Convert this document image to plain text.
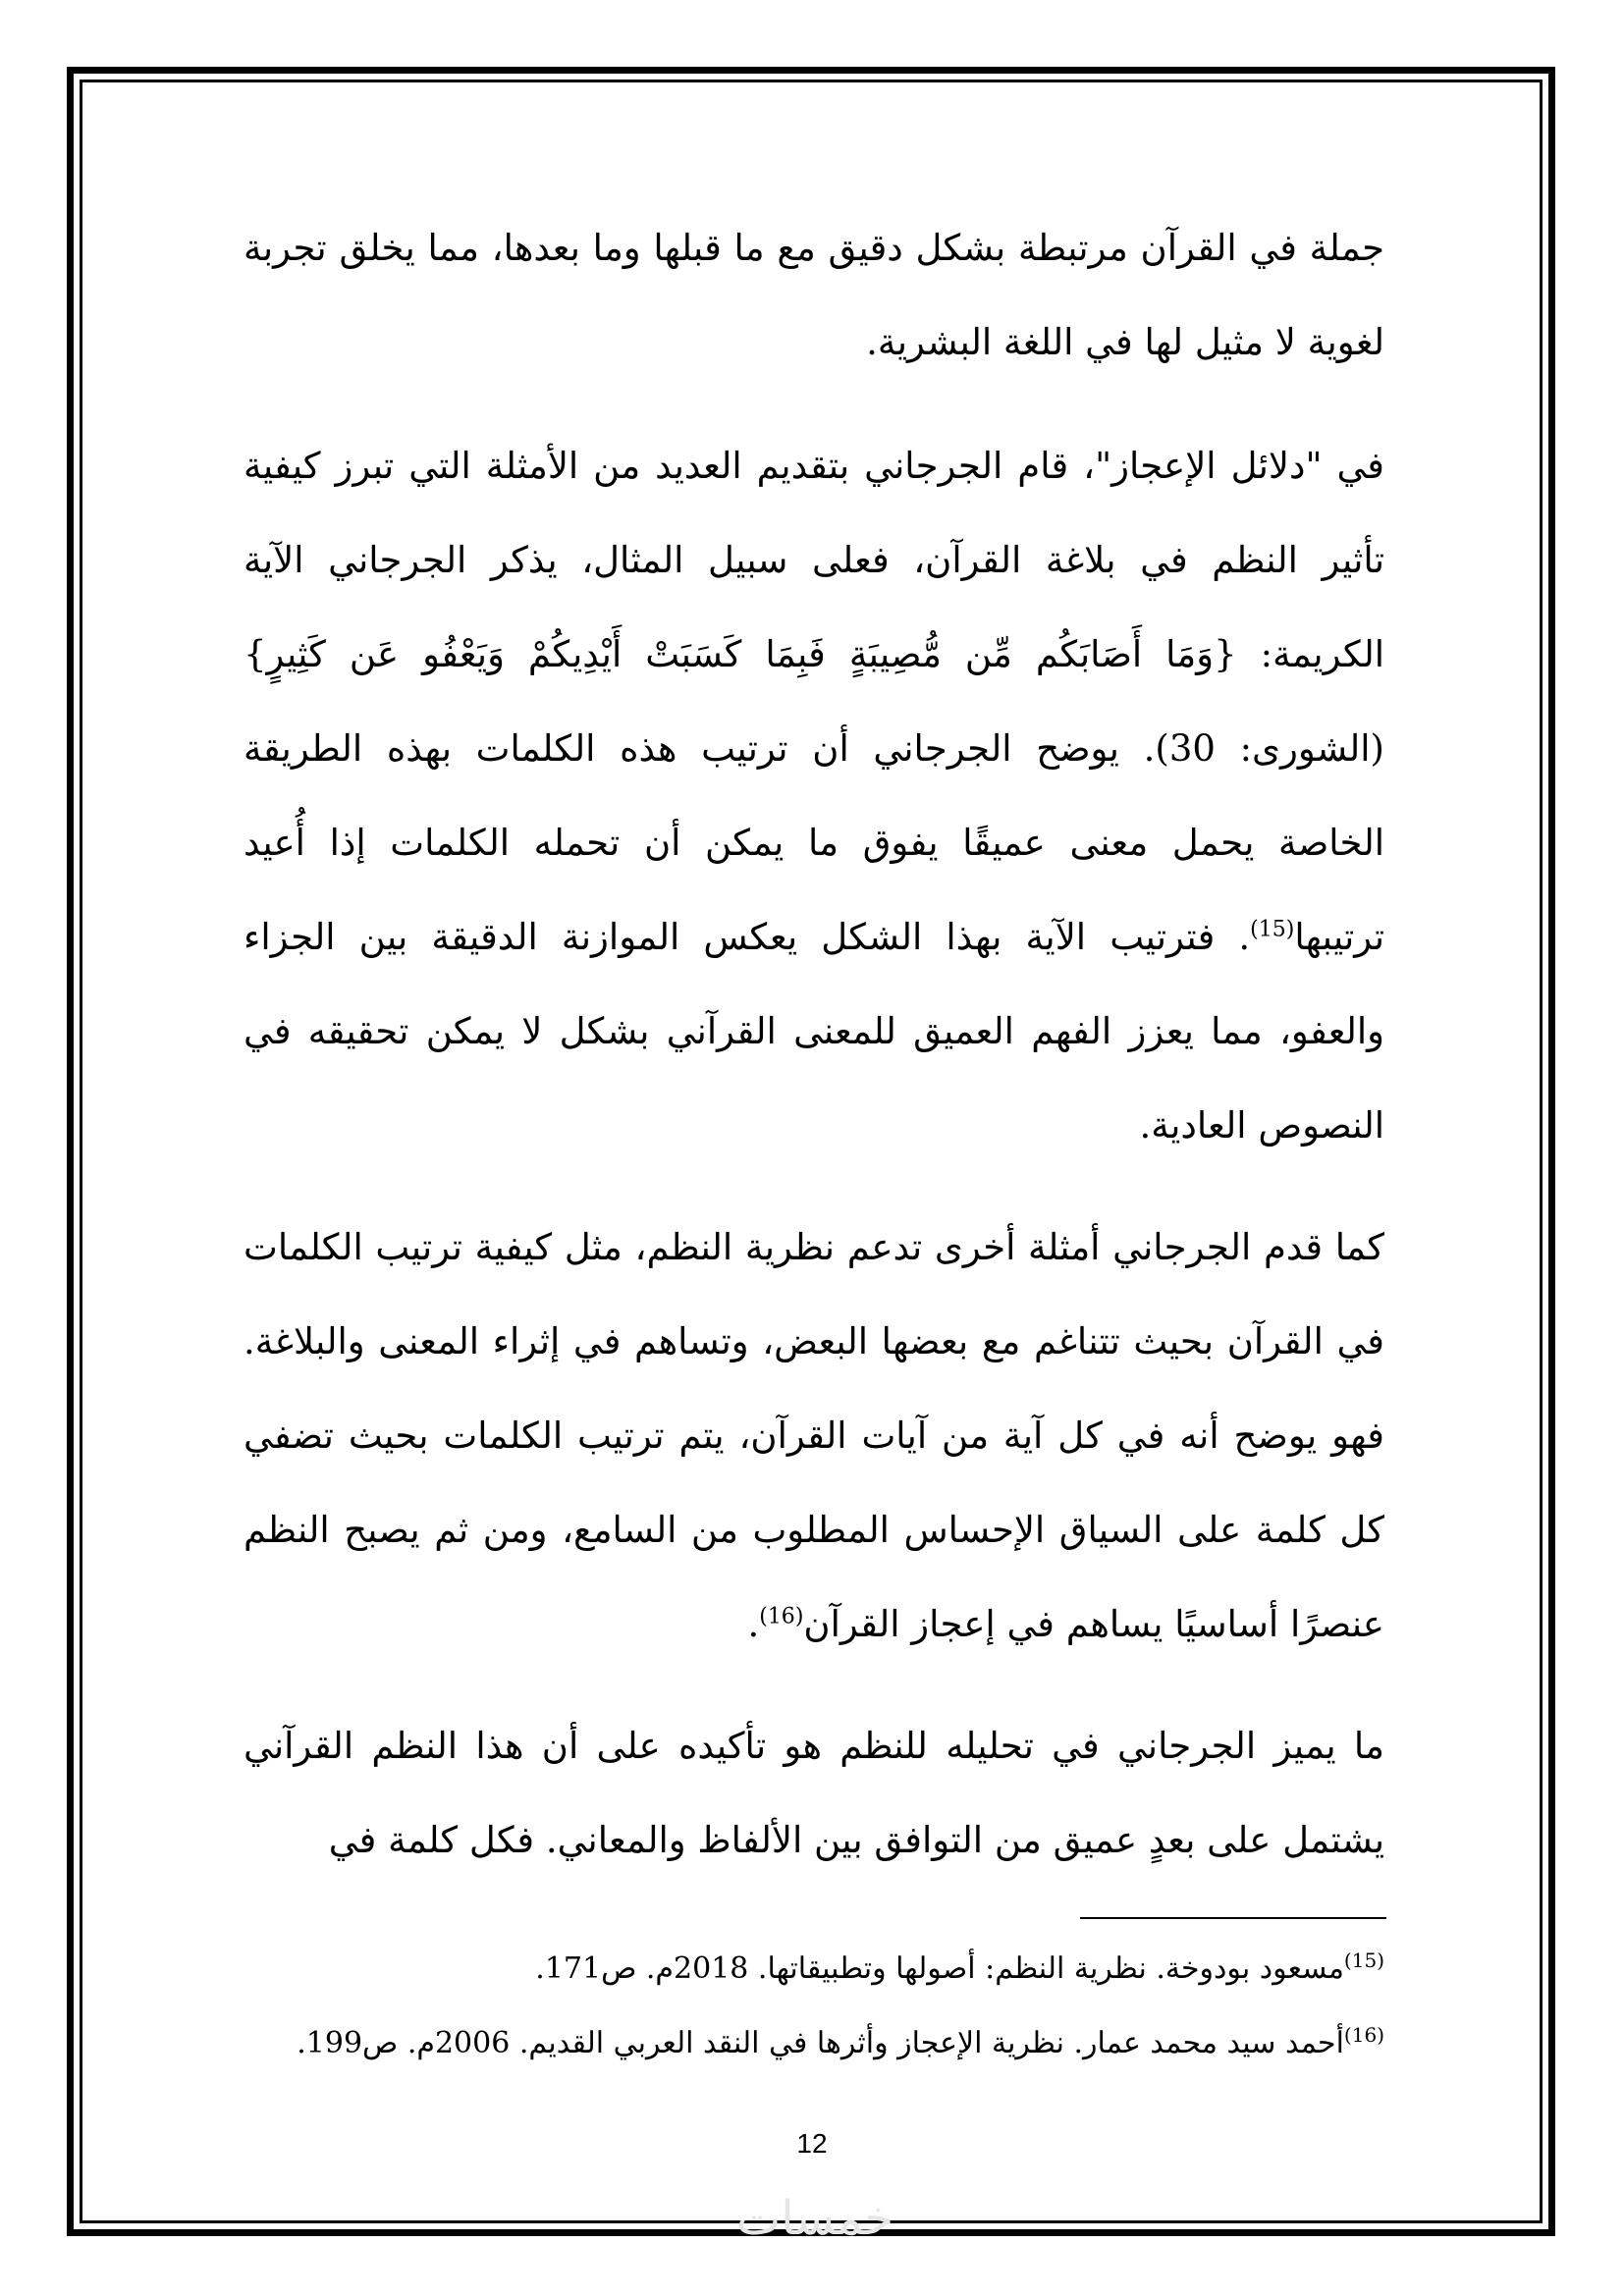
جملة في القرآن مرتبطة بشكل دقيق مع ما قبلها وما بعدها، مما يخلق تجربة لغوية لا مثيل لها في اللغة البشرية.

في "دلائل الإعجاز"، قام الجرجاني بتقديم العديد من الأمثلة التي تبرز كيفية تأثير النظم في بلاغة القرآن، فعلى سبيل المثال، يذكر الجرجاني الآية الكريمة: {وَمَا أَصَابَكُم مِّن مُّصِيبَةٍ فَبِمَا كَسَبَتْ أَيْدِيكُمْ وَيَعْفُو عَن كَثِيرٍ} (الشورى: 30). يوضح الجرجاني أن ترتيب هذه الكلمات بهذه الطريقة الخاصة يحمل معنى عميقًا يفوق ما يمكن أن تحمله الكلمات إذا أُعيد ترتيبها$^{(15)}$. فترتيب الآية بهذا الشكل يعكس الموازنة الدقيقة بين الجزاء والعفو، مما يعزز الفهم العميق للمعنى القرآني بشكل لا يمكن تحقيقه في النصوص العادية.

كما قدم الجرجاني أمثلة أخرى تدعم نظرية النظم، مثل كيفية ترتيب الكلمات في القرآن بحيث تتناغم مع بعضها البعض، وتساهم في إثراء المعنى والبلاغة. فهو يوضح أنه في كل آية من آيات القرآن، يتم ترتيب الكلمات بحيث تضفي كل كلمة على السياق الإحساس المطلوب من السامع، ومن ثم يصبح النظم عنصرًا أساسيًا يساهم في إعجاز القرآن$^{(16)}$.

ما يميز الجرجاني في تحليله للنظم هو تأكيده على أن هذا النظم القرآني يشتمل على بعدٍ عميق من التوافق بين الألفاظ والمعاني. فكل كلمة في

$^{(15)}$مسعود بودوخة. نظرية النظم: أصولها وتطبيقاتها. 2018م. ص171.

$^{(16)}$أحمد سيد محمد عمار. نظرية الإعجاز وأثرها في النقد العربي القديم. 2006م. ص199.

12
خمسات
